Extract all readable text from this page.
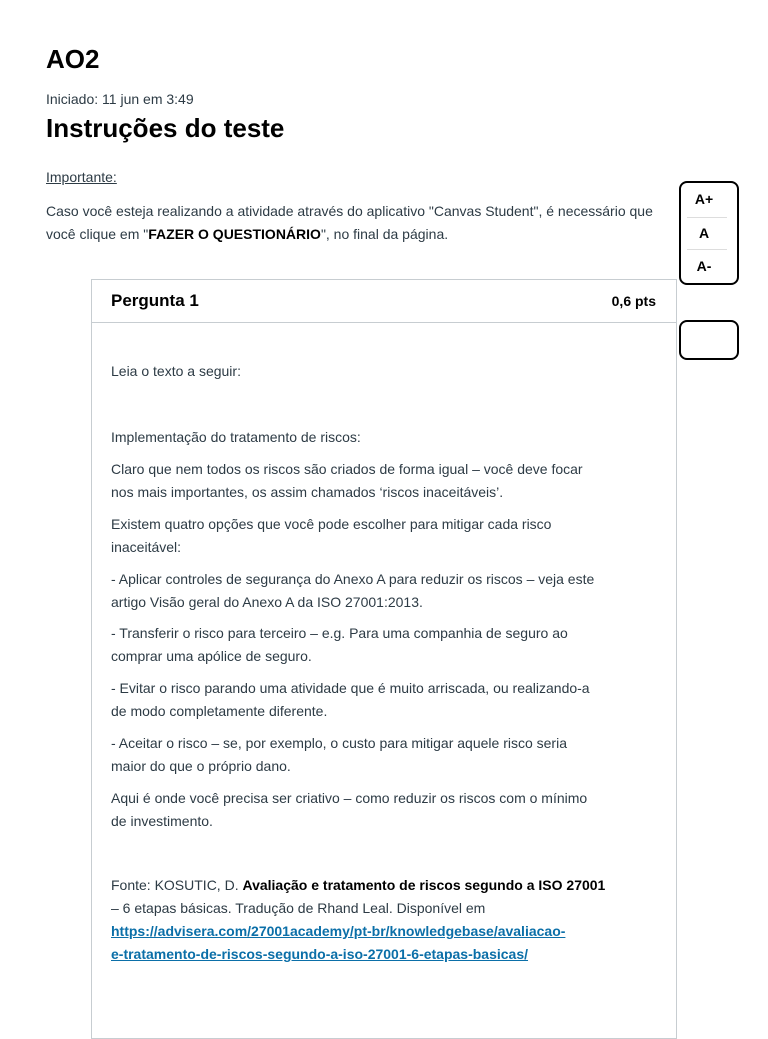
AO2
Iniciado: 11 jun em 3:49
Instruções do teste
Importante:
Caso você esteja realizando a atividade através do aplicativo "Canvas Student", é necessário que
você clique em "FAZER O QUESTIONÁRIO", no final da página.
A+
A
A-
Pergunta 1	0,6 pts
Leia o texto a seguir:
Implementação do tratamento de riscos:
Claro que nem todos os riscos são criados de forma igual – você deve focar
nos mais importantes, os assim chamados ‘riscos inaceitáveis’.
Existem quatro opções que você pode escolher para mitigar cada risco
inaceitável:
- Aplicar controles de segurança do Anexo A para reduzir os riscos – veja este
artigo Visão geral do Anexo A da ISO 27001:2013.
- Transferir o risco para terceiro – e.g. Para uma companhia de seguro ao
comprar uma apólice de seguro.
- Evitar o risco parando uma atividade que é muito arriscada, ou realizando-a
de modo completamente diferente.
- Aceitar o risco – se, por exemplo, o custo para mitigar aquele risco seria
maior do que o próprio dano.
Aqui é onde você precisa ser criativo – como reduzir os riscos com o mínimo
de investimento.
Fonte: KOSUTIC, D. Avaliação e tratamento de riscos segundo a ISO 27001
– 6 etapas básicas. Tradução de Rhand Leal. Disponível em
https://advisera.com/27001academy/pt-br/knowledgebase/avaliacao-
e-tratamento-de-riscos-segundo-a-iso-27001-6-etapas-basicas/
